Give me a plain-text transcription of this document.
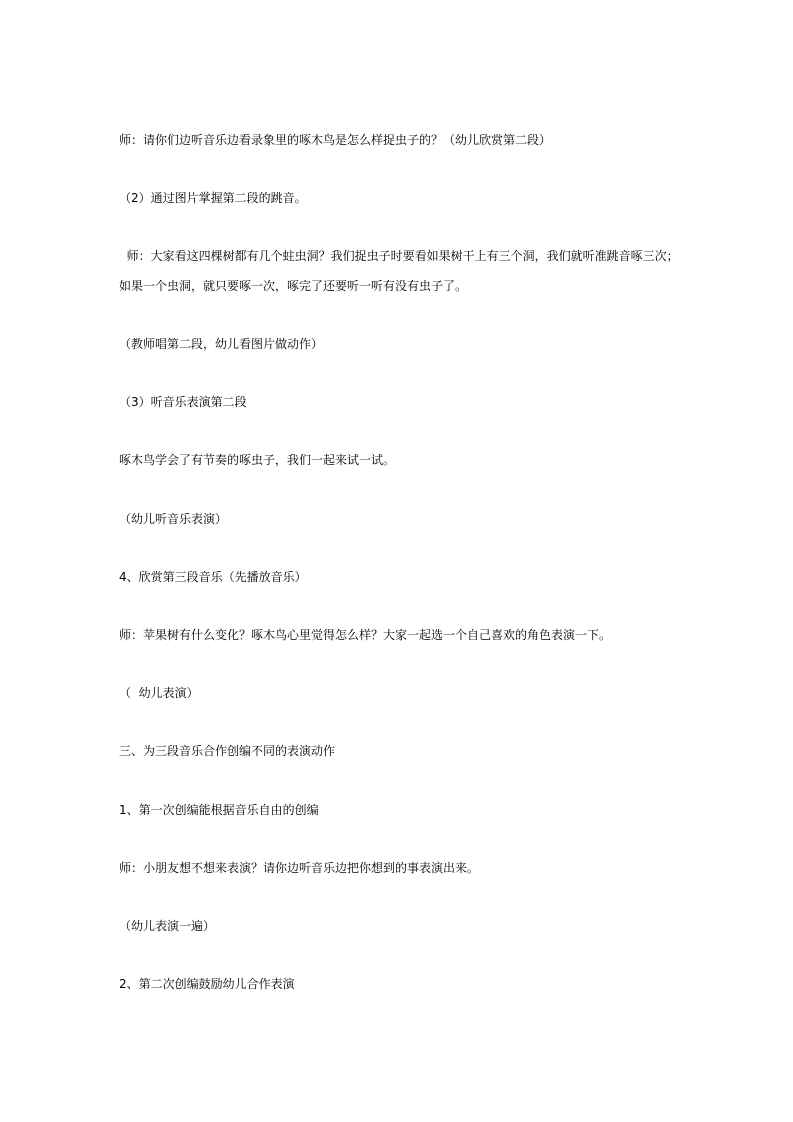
师：请你们边听音乐边看录象里的啄木鸟是怎么样捉虫子的？（幼儿欣赏第二段）
（2）通过图片掌握第二段的跳音。
师：大家看这四棵树都有几个蛀虫洞？我们捉虫子时要看如果树干上有三个洞，我们就听准跳音啄三次；
如果一个虫洞，就只要啄一次，啄完了还要听一听有没有虫子了。
（教师唱第二段，幼儿看图片做动作）
（3）听音乐表演第二段
啄木鸟学会了有节奏的啄虫子，我们一起来试一试。
（幼儿听音乐表演）
4、欣赏第三段音乐（先播放音乐）
师：苹果树有什么变化？啄木鸟心里觉得怎么样？大家一起选一个自己喜欢的角色表演一下。
（  幼儿表演）
三、为三段音乐合作创编不同的表演动作
1、第一次创编能根据音乐自由的创编
师：小朋友想不想来表演？请你边听音乐边把你想到的事表演出来。
（幼儿表演一遍）
2、第二次创编鼓励幼儿合作表演
